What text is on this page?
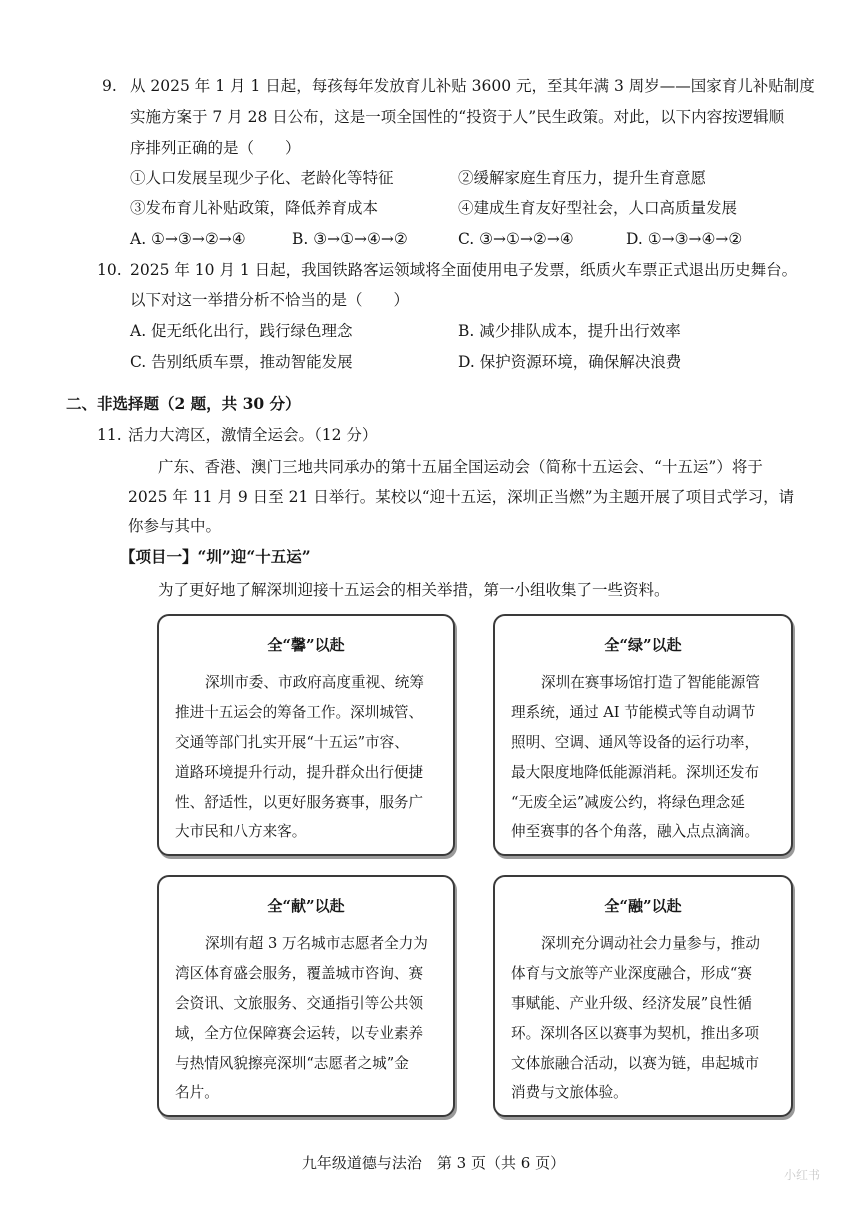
9. 从 2025 年 1 月 1 日起，每孩每年发放育儿补贴 3600 元，至其年满 3 周岁——国家育儿补贴制度
实施方案于 7 月 28 日公布，这是一项全国性的“投资于人”民生政策。对此，以下内容按逻辑顺
序排列正确的是（　　）
①人口发展呈现少子化、老龄化等特征	②缓解家庭生育压力，提升生育意愿
③发布育儿补贴政策，降低养育成本	④建成生育友好型社会，人口高质量发展
A. ①→③→②→④	B. ③→①→④→②	C. ③→①→②→④	D. ①→③→④→②
10. 2025 年 10 月 1 日起，我国铁路客运领域将全面使用电子发票，纸质火车票正式退出历史舞台。
以下对这一举措分析不恰当的是（　　）
A. 促无纸化出行，践行绿色理念	B. 减少排队成本，提升出行效率
C. 告别纸质车票，推动智能发展	D. 保护资源环境，确保解决浪费
二、非选择题（2 题，共 30 分）
11. 活力大湾区，激情全运会。（12 分）
广东、香港、澳门三地共同承办的第十五届全国运动会（简称十五运会、“十五运”）将于
2025 年 11 月 9 日至 21 日举行。某校以“迎十五运，深圳正当燃”为主题开展了项目式学习，请
你参与其中。
【项目一】“圳”迎“十五运”
为了更好地了解深圳迎接十五运会的相关举措，第一小组收集了一些资料。
全“馨”以赴
深圳市委、市政府高度重视、统筹
推进十五运会的筹备工作。深圳城管、
交通等部门扎实开展“十五运”市容、
道路环境提升行动，提升群众出行便捷
性、舒适性，以更好服务赛事，服务广
大市民和八方来客。
全“绿”以赴
深圳在赛事场馆打造了智能能源管
理系统，通过 AI 节能模式等自动调节
照明、空调、通风等设备的运行功率，
最大限度地降低能源消耗。深圳还发布
“无废全运”减废公约，将绿色理念延
伸至赛事的各个角落，融入点点滴滴。
全“献”以赴
深圳有超 3 万名城市志愿者全力为
湾区体育盛会服务，覆盖城市咨询、赛
会资讯、文旅服务、交通指引等公共领
域，全方位保障赛会运转，以专业素养
与热情风貌擦亮深圳“志愿者之城”金
名片。
全“融”以赴
深圳充分调动社会力量参与，推动
体育与文旅等产业深度融合，形成“赛
事赋能、产业升级、经济发展”良性循
环。深圳各区以赛事为契机，推出多项
文体旅融合活动，以赛为链，串起城市
消费与文旅体验。
九年级道德与法治　第 3 页（共 6 页）
小红书
